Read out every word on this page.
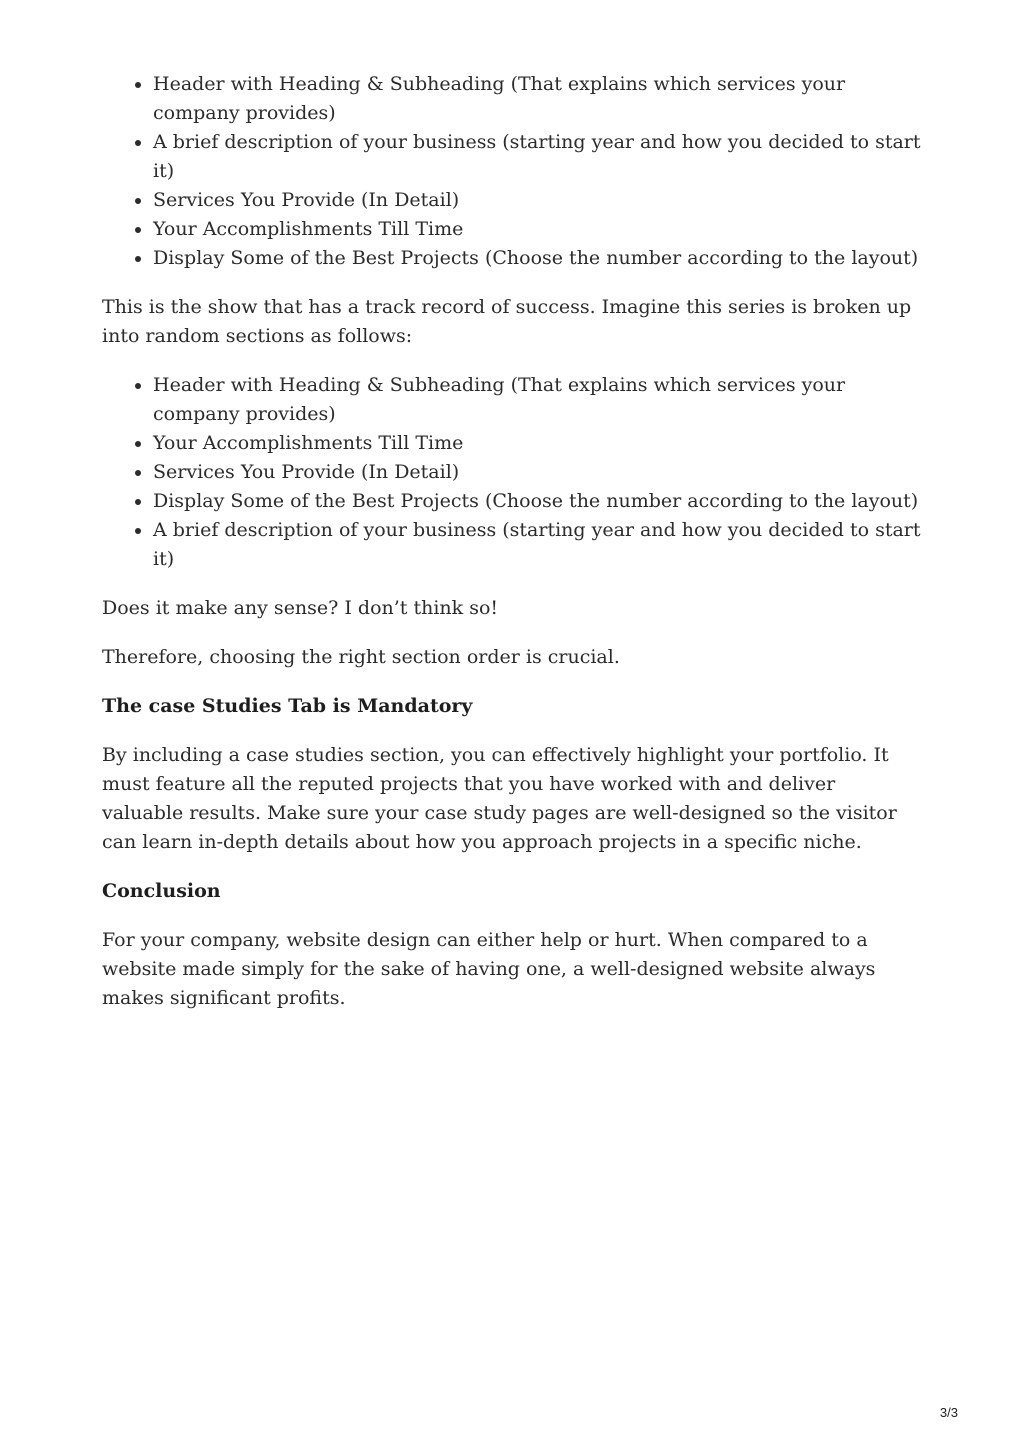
• Header with Heading & Subheading (That explains which services your company provides)
• A brief description of your business (starting year and how you decided to start it)
• Services You Provide (In Detail)
• Your Accomplishments Till Time
• Display Some of the Best Projects (Choose the number according to the layout)

This is the show that has a track record of success. Imagine this series is broken up into random sections as follows:

• Header with Heading & Subheading (That explains which services your company provides)
• Your Accomplishments Till Time
• Services You Provide (In Detail)
• Display Some of the Best Projects (Choose the number according to the layout)
• A brief description of your business (starting year and how you decided to start it)

Does it make any sense? I don’t think so!

Therefore, choosing the right section order is crucial.

The case Studies Tab is Mandatory

By including a case studies section, you can effectively highlight your portfolio. It must feature all the reputed projects that you have worked with and deliver valuable results. Make sure your case study pages are well-designed so the visitor can learn in-depth details about how you approach projects in a specific niche.

Conclusion

For your company, website design can either help or hurt. When compared to a website made simply for the sake of having one, a well-designed website always makes significant profits.

3/3
